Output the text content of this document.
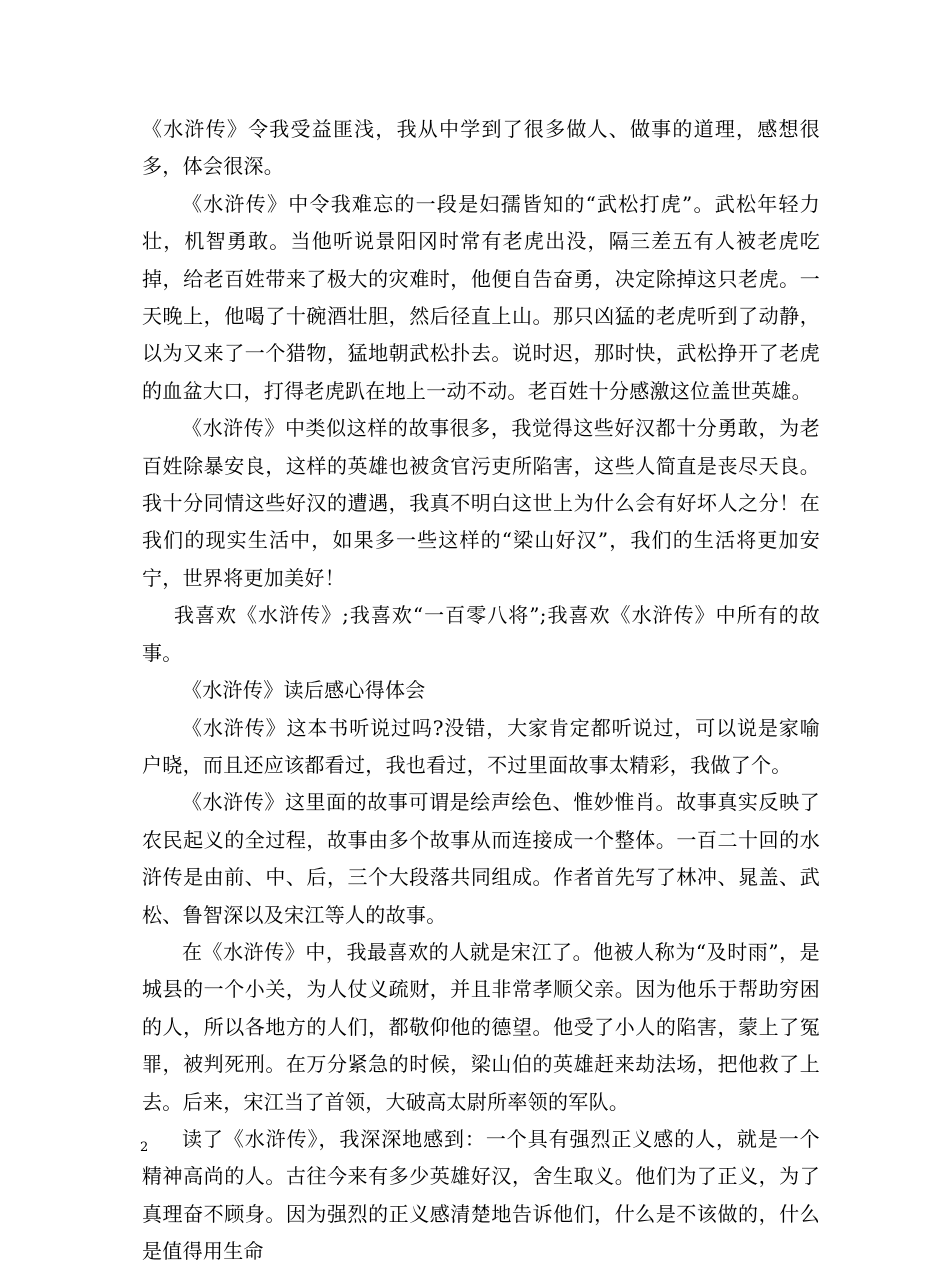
《水浒传》令我受益匪浅，我从中学到了很多做人、做事的道理，感想很多，体会很深。

《水浒传》中令我难忘的一段是妇孺皆知的“武松打虎”。武松年轻力壮，机智勇敢。当他听说景阳冈时常有老虎出没，隔三差五有人被老虎吃掉，给老百姓带来了极大的灾难时，他便自告奋勇，决定除掉这只老虎。一天晚上，他喝了十碗酒壮胆，然后径直上山。那只凶猛的老虎听到了动静，以为又来了一个猎物，猛地朝武松扑去。说时迟，那时快，武松挣开了老虎的血盆大口，打得老虎趴在地上一动不动。老百姓十分感激这位盖世英雄。

《水浒传》中类似这样的故事很多，我觉得这些好汉都十分勇敢，为老百姓除暴安良，这样的英雄也被贪官污吏所陷害，这些人简直是丧尽天良。我十分同情这些好汉的遭遇，我真不明白这世上为什么会有好坏人之分！在我们的现实生活中，如果多一些这样的“梁山好汉”，我们的生活将更加安宁，世界将更加美好！

我喜欢《水浒传》;我喜欢“一百零八将”;我喜欢《水浒传》中所有的故事。

《水浒传》读后感心得体会

《水浒传》这本书听说过吗?没错，大家肯定都听说过，可以说是家喻户晓，而且还应该都看过，我也看过，不过里面故事太精彩，我做了个。

《水浒传》这里面的故事可谓是绘声绘色、惟妙惟肖。故事真实反映了农民起义的全过程，故事由多个故事从而连接成一个整体。一百二十回的水浒传是由前、中、后，三个大段落共同组成。作者首先写了林冲、晁盖、武松、鲁智深以及宋江等人的故事。

在《水浒传》中，我最喜欢的人就是宋江了。他被人称为“及时雨”，是城县的一个小关，为人仗义疏财，并且非常孝顺父亲。因为他乐于帮助穷困的人，所以各地方的人们，都敬仰他的德望。他受了小人的陷害，蒙上了冤罪，被判死刑。在万分紧急的时候，梁山伯的英雄赶来劫法场，把他救了上去。后来，宋江当了首领，大破高太尉所率领的军队。

读了《水浒传》，我深深地感到：一个具有强烈正义感的人，就是一个精神高尚的人。古往今来有多少英雄好汉，舍生取义。他们为了正义，为了真理奋不顾身。因为强烈的正义感清楚地告诉他们，什么是不该做的，什么是值得用生命

2
